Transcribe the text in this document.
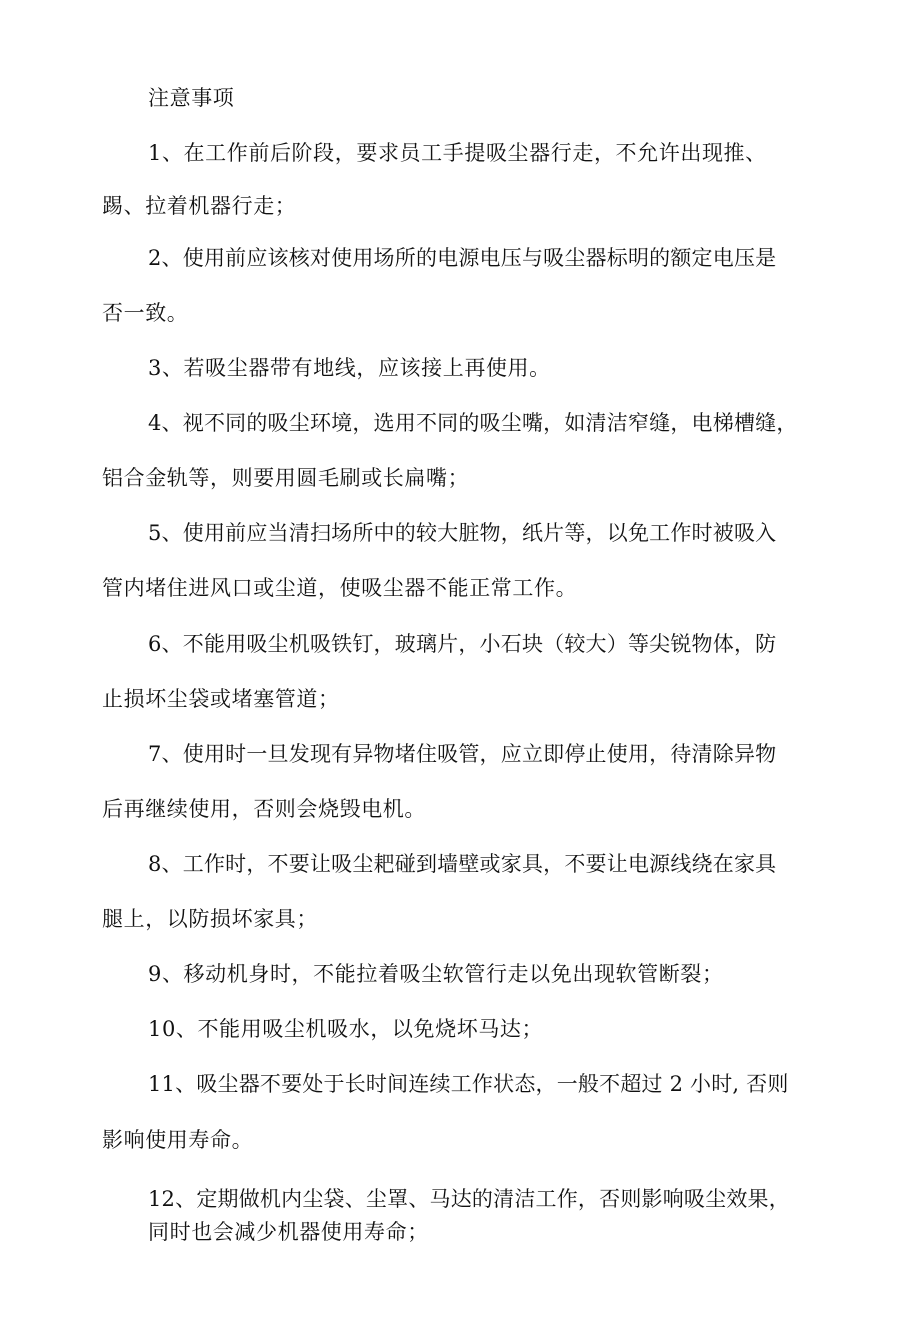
注意事项
1、在工作前后阶段，要求员工手提吸尘器行走，不允许出现推、
踢、拉着机器行走；
2、使用前应该核对使用场所的电源电压与吸尘器标明的额定电压是
否一致。
3、若吸尘器带有地线，应该接上再使用。
4、视不同的吸尘环境，选用不同的吸尘嘴，如清洁窄缝，电梯槽缝，
铝合金轨等，则要用圆毛刷或长扁嘴；
5、使用前应当清扫场所中的较大脏物，纸片等，以免工作时被吸入
管内堵住进风口或尘道，使吸尘器不能正常工作。
6、不能用吸尘机吸铁钉，玻璃片，小石块（较大）等尖锐物体，防
止损坏尘袋或堵塞管道；
7、使用时一旦发现有异物堵住吸管，应立即停止使用，待清除异物
后再继续使用，否则会烧毁电机。
8、工作时，不要让吸尘耙碰到墙壁或家具，不要让电源线绕在家具
腿上，以防损坏家具；
9、移动机身时，不能拉着吸尘软管行走以免出现软管断裂；
10、不能用吸尘机吸水，以免烧坏马达；
11、吸尘器不要处于长时间连续工作状态，一般不超过 2 小时, 否则
影响使用寿命。
12、定期做机内尘袋、尘罩、马达的清洁工作，否则影响吸尘效果，
同时也会减少机器使用寿命；
